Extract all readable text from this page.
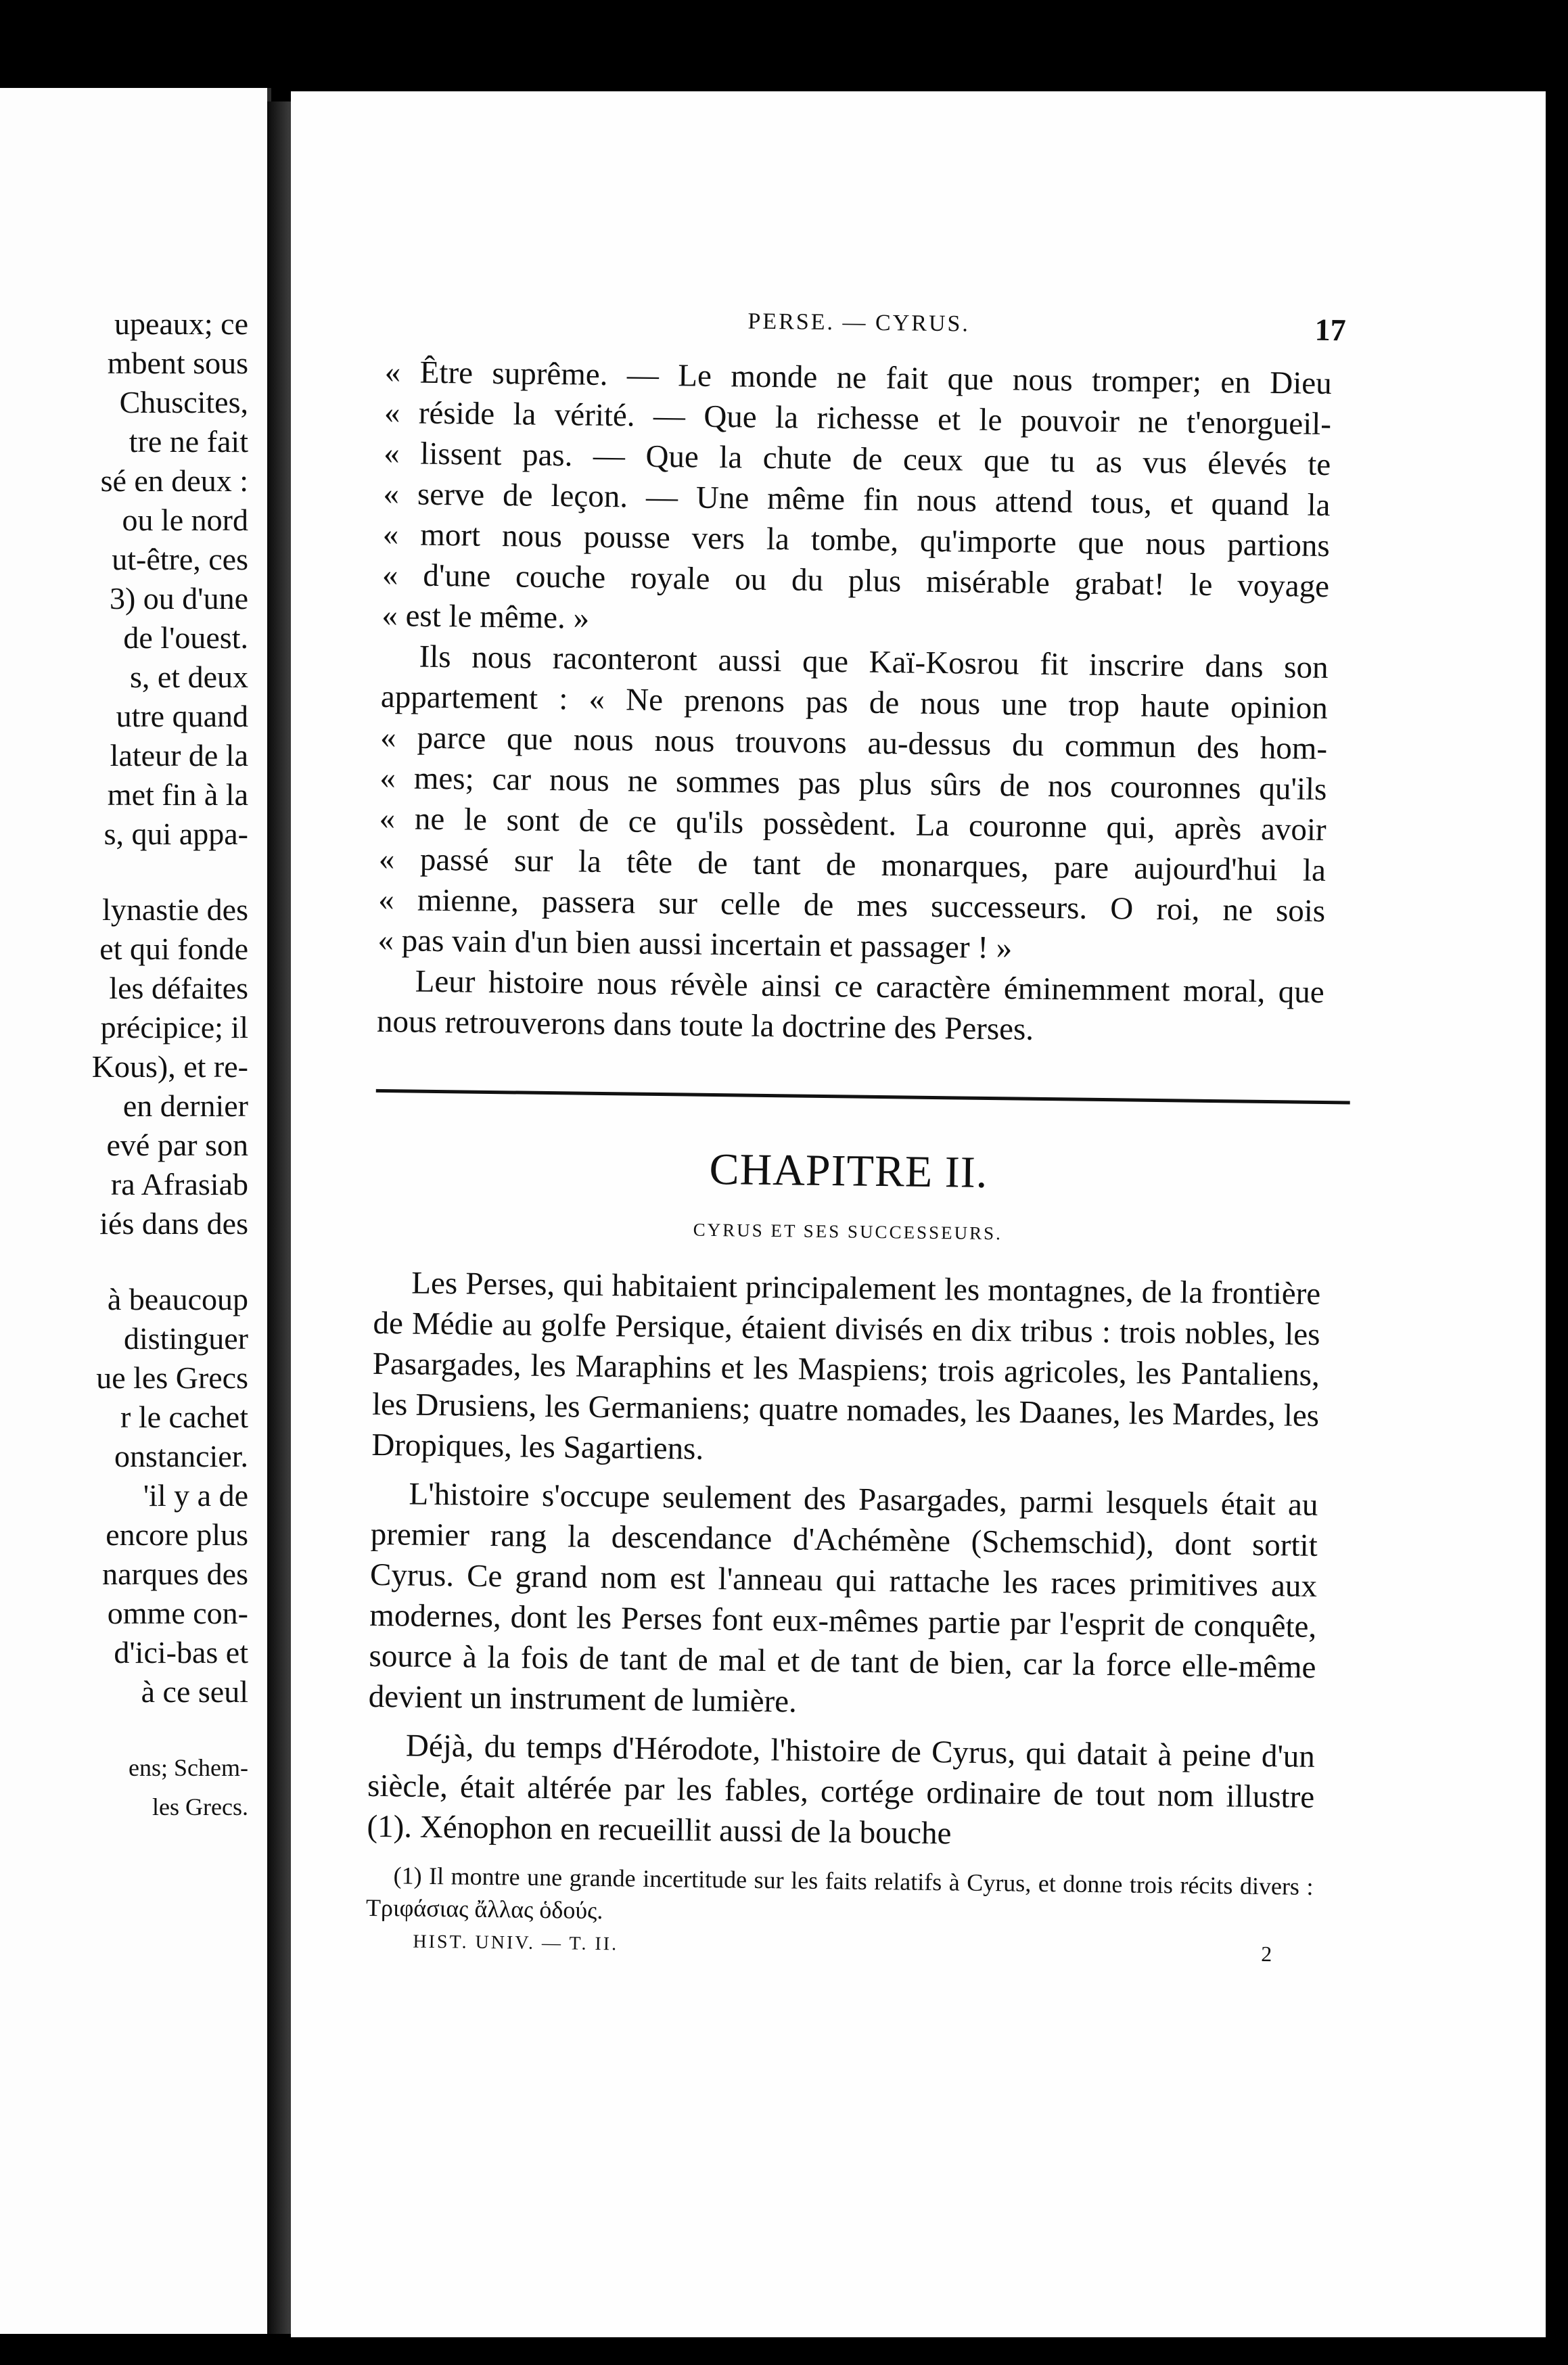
upeaux; ce
mbent sous
Chuscites,
tre ne fait
sé en deux :
ou le nord
ut-être, ces
3) ou d'une
de l'ouest.
s, et deux
utre quand
lateur de la
met fin à la
s, qui appa-
lynastie des
et qui fonde
les défaites
précipice; il
Kous), et re-
en dernier
evé par son
ra Afrasiab
iés dans des
à beaucoup
distinguer
ue les Grecs
r le cachet
onstancier.
'il y a de
encore plus
narques des
omme con-
d'ici-bas et
à ce seul
ens; Schem-
les Grecs.
PERSE. — CYRUS.	17
« Être suprême. — Le monde ne fait que nous tromper; en Dieu
« réside la vérité. — Que la richesse et le pouvoir ne t'enorgueil-
« lissent pas. — Que la chute de ceux que tu as vus élevés te
« serve de leçon. — Une même fin nous attend tous, et quand la
« mort nous pousse vers la tombe, qu'importe que nous partions
« d'une couche royale ou du plus misérable grabat! le voyage
« est le même. »
Ils nous raconteront aussi que Kaï-Kosrou fit inscrire dans son
appartement : « Ne prenons pas de nous une trop haute opinion
« parce que nous nous trouvons au-dessus du commun des hom-
« mes; car nous ne sommes pas plus sûrs de nos couronnes qu'ils
« ne le sont de ce qu'ils possèdent. La couronne qui, après avoir
« passé sur la tête de tant de monarques, pare aujourd'hui la
« mienne, passera sur celle de mes successeurs. O roi, ne sois
« pas vain d'un bien aussi incertain et passager ! »

Leur histoire nous révèle ainsi ce caractère éminemment moral, que nous retrouverons dans toute la doctrine des Perses.

CHAPITRE II.
CYRUS ET SES SUCCESSEURS.

Les Perses, qui habitaient principalement les montagnes, de la frontière de Médie au golfe Persique, étaient divisés en dix tribus : trois nobles, les Pasargades, les Maraphins et les Maspiens; trois agricoles, les Pantaliens, les Drusiens, les Germaniens; quatre nomades, les Daanes, les Mardes, les Dropiques, les Sagartiens.

L'histoire s'occupe seulement des Pasargades, parmi lesquels était au premier rang la descendance d'Achémène (Schemschid), dont sortit Cyrus. Ce grand nom est l'anneau qui rattache les races primitives aux modernes, dont les Perses font eux-mêmes partie par l'esprit de conquête, source à la fois de tant de mal et de tant de bien, car la force elle-même devient un instrument de lumière.

Déjà, du temps d'Hérodote, l'histoire de Cyrus, qui datait à peine d'un siècle, était altérée par les fables, cortége ordinaire de tout nom illustre (1). Xénophon en recueillit aussi de la bouche

(1) Il montre une grande incertitude sur les faits relatifs à Cyrus, et donne trois récits divers : Τριφάσιας ἄλλας ὁδούς.
HIST. UNIV. — T. II.	2
